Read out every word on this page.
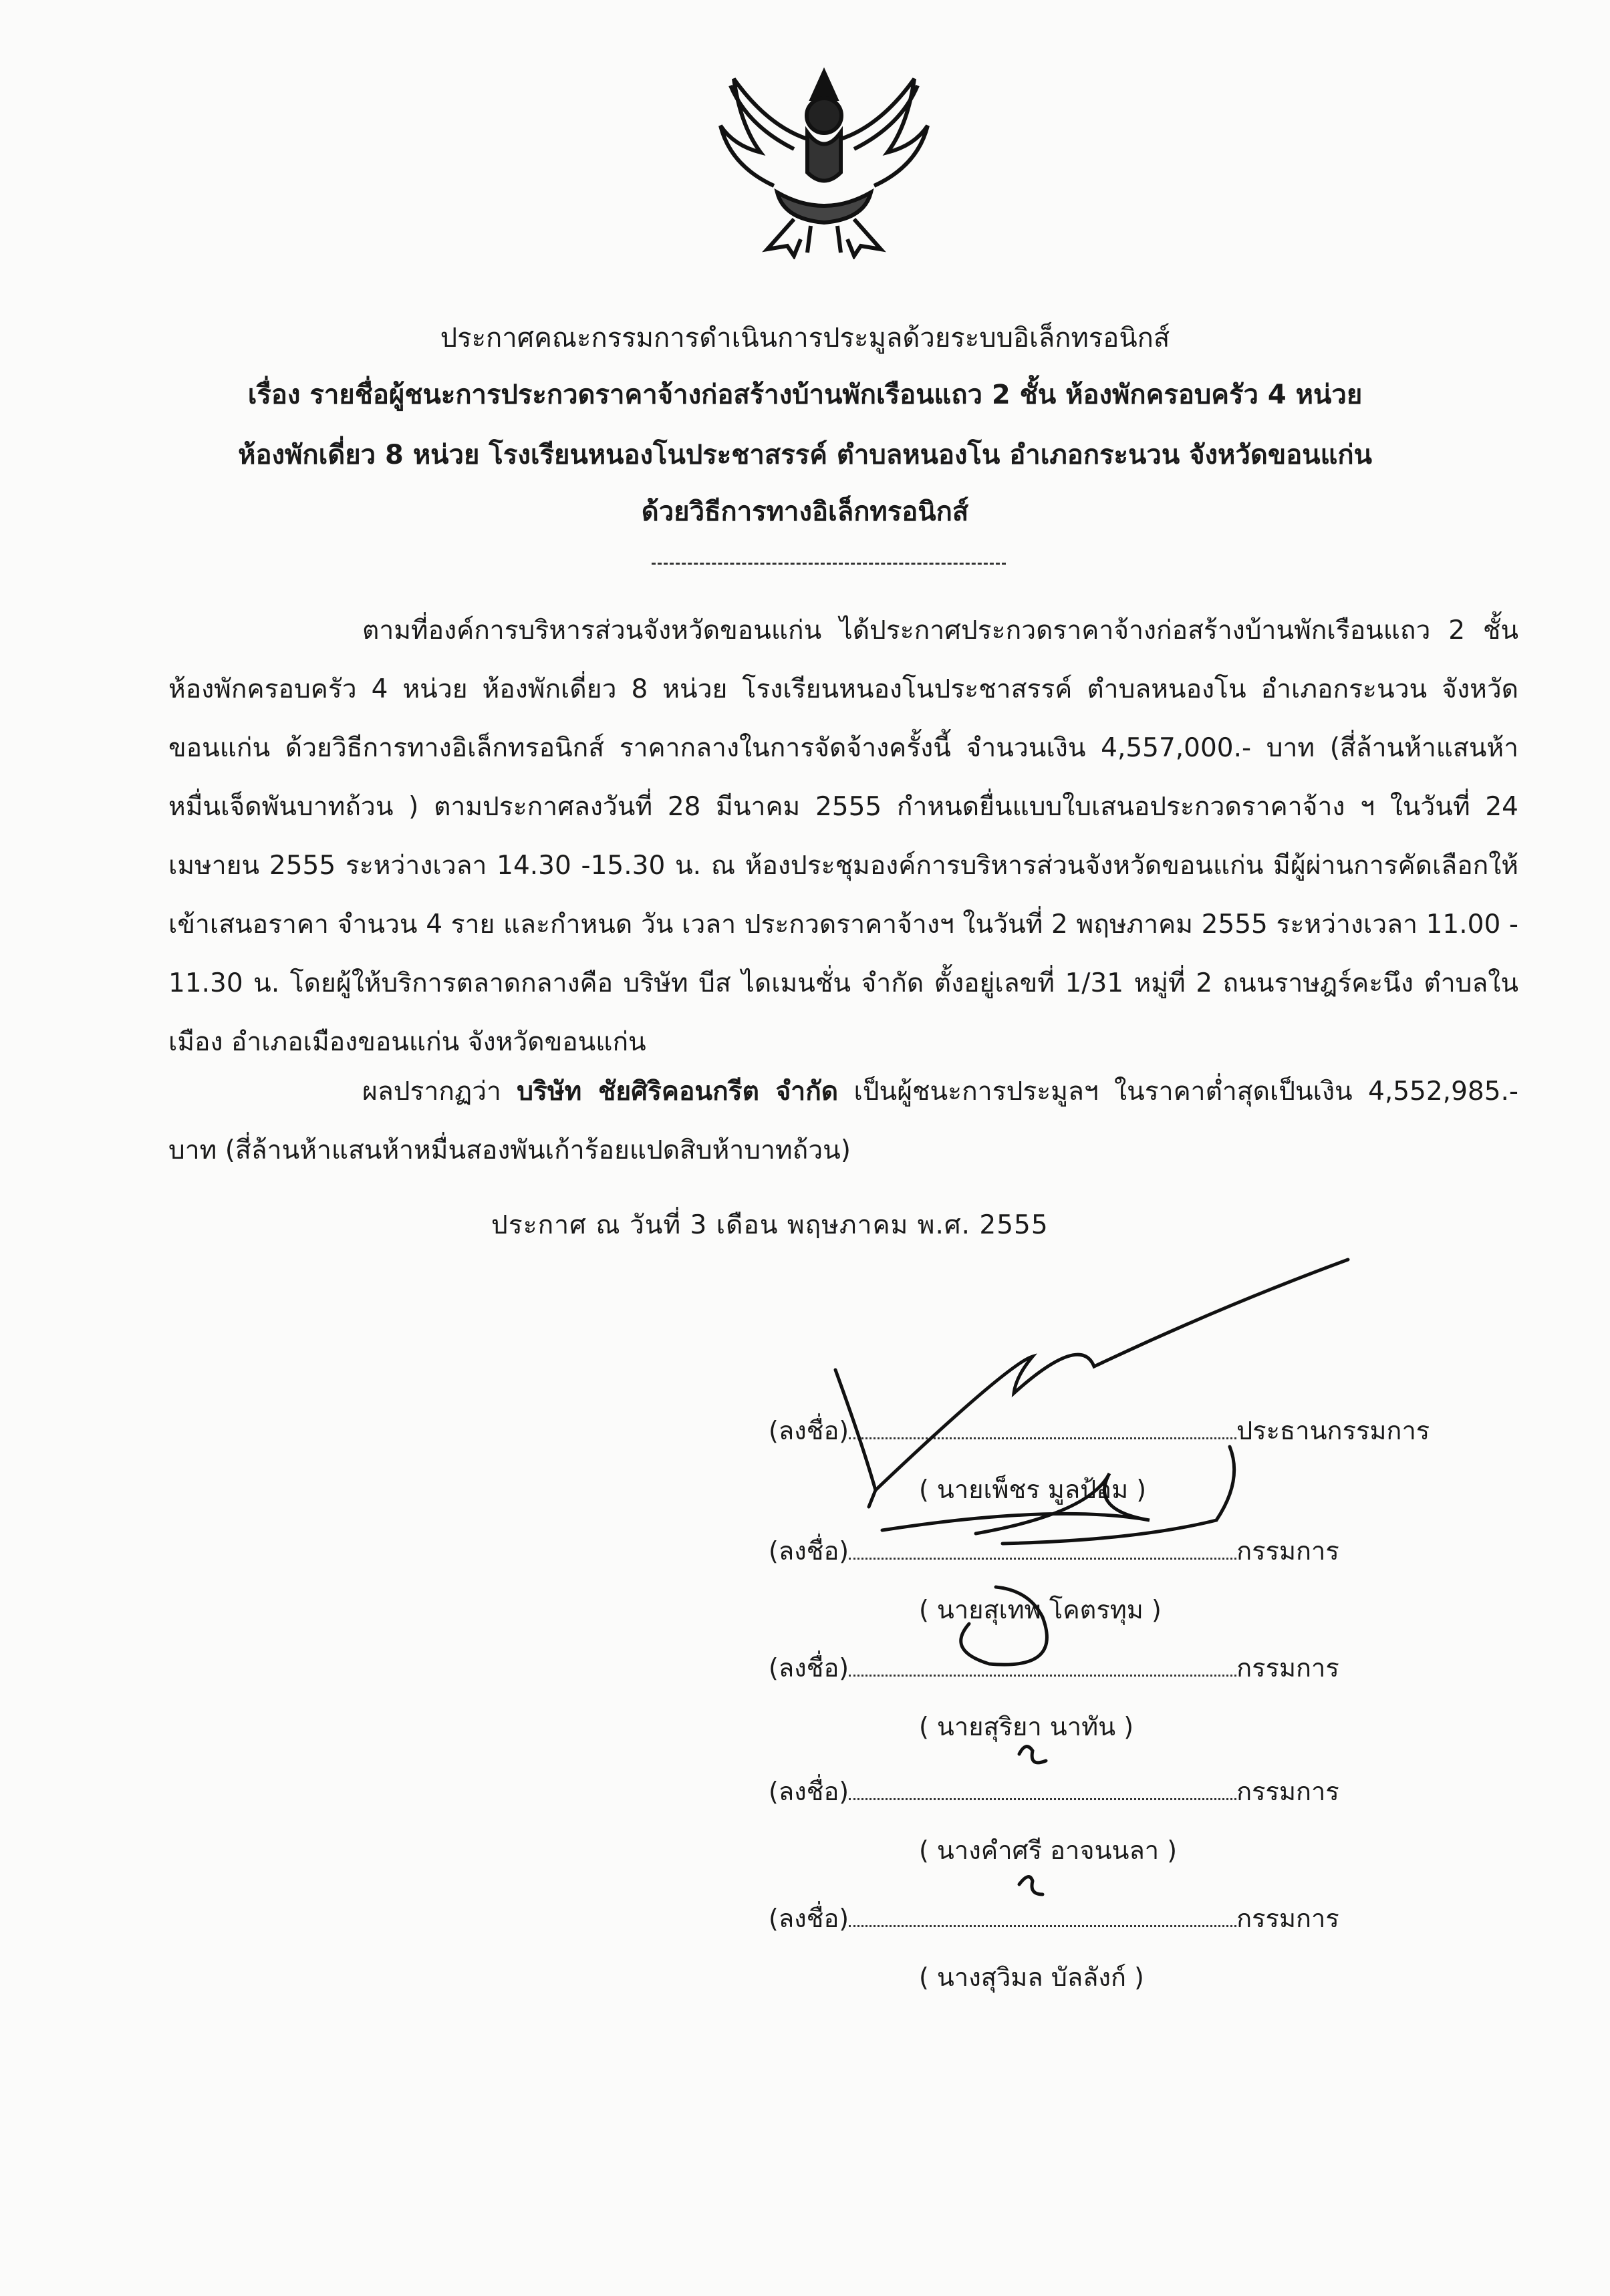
ประกาศคณะกรรมการดำเนินการประมูลด้วยระบบอิเล็กทรอนิกส์
เรื่อง รายชื่อผู้ชนะการประกวดราคาจ้างก่อสร้างบ้านพักเรือนแถว 2 ชั้น ห้องพักครอบครัว 4 หน่วย
ห้องพักเดี่ยว 8 หน่วย โรงเรียนหนองโนประชาสรรค์ ตำบลหนองโน อำเภอกระนวน จังหวัดขอนแก่น
ด้วยวิธีการทางอิเล็กทรอนิกส์
ตามที่องค์การบริหารส่วนจังหวัดขอนแก่น ได้ประกาศประกวดราคาจ้างก่อสร้างบ้านพักเรือนแถว 2 ชั้น ห้องพักครอบครัว 4 หน่วย ห้องพักเดี่ยว 8 หน่วย โรงเรียนหนองโนประชาสรรค์ ตำบลหนองโน อำเภอกระนวน จังหวัดขอนแก่น ด้วยวิธีการทางอิเล็กทรอนิกส์ ราคากลางในการจัดจ้างครั้งนี้ จำนวนเงิน 4,557,000.- บาท (สี่ล้านห้าแสนห้าหมื่นเจ็ดพันบาทถ้วน ) ตามประกาศลงวันที่ 28 มีนาคม 2555 กำหนดยื่นแบบใบเสนอประกวดราคาจ้าง ฯ ในวันที่ 24 เมษายน 2555 ระหว่างเวลา 14.30 -15.30 น. ณ ห้องประชุมองค์การบริหารส่วนจังหวัดขอนแก่น มีผู้ผ่านการคัดเลือกให้เข้าเสนอราคา จำนวน 4 ราย และกำหนด วัน เวลา ประกวดราคาจ้างฯ ในวันที่ 2 พฤษภาคม 2555 ระหว่างเวลา 11.00 - 11.30 น. โดยผู้ให้บริการตลาดกลางคือ บริษัท บีส ไดเมนชั่น จำกัด ตั้งอยู่เลขที่ 1/31 หมู่ที่ 2 ถนนราษฎร์คะนึง ตำบลในเมือง อำเภอเมืองขอนแก่น จังหวัดขอนแก่น
ผลปรากฏว่า บริษัท ชัยศิริคอนกรีต จำกัด เป็นผู้ชนะการประมูลฯ ในราคาต่ำสุดเป็นเงิน 4,552,985.- บาท (สี่ล้านห้าแสนห้าหมื่นสองพันเก้าร้อยแปดสิบห้าบาทถ้วน)
ประกาศ ณ วันที่ 3 เดือน พฤษภาคม พ.ศ. 2555
(ลงชื่อ)	ประธานกรรมการ
( นายเพ็ชร มูลป้อม )
(ลงชื่อ)	กรรมการ
( นายสุเทพ โคตรทุม )
(ลงชื่อ)	กรรมการ
( นายสุริยา นาทัน )
(ลงชื่อ)	กรรมการ
( นางคำศรี อาจนนลา )
(ลงชื่อ)	กรรมการ
( นางสุวิมล บัลลังก์ )
